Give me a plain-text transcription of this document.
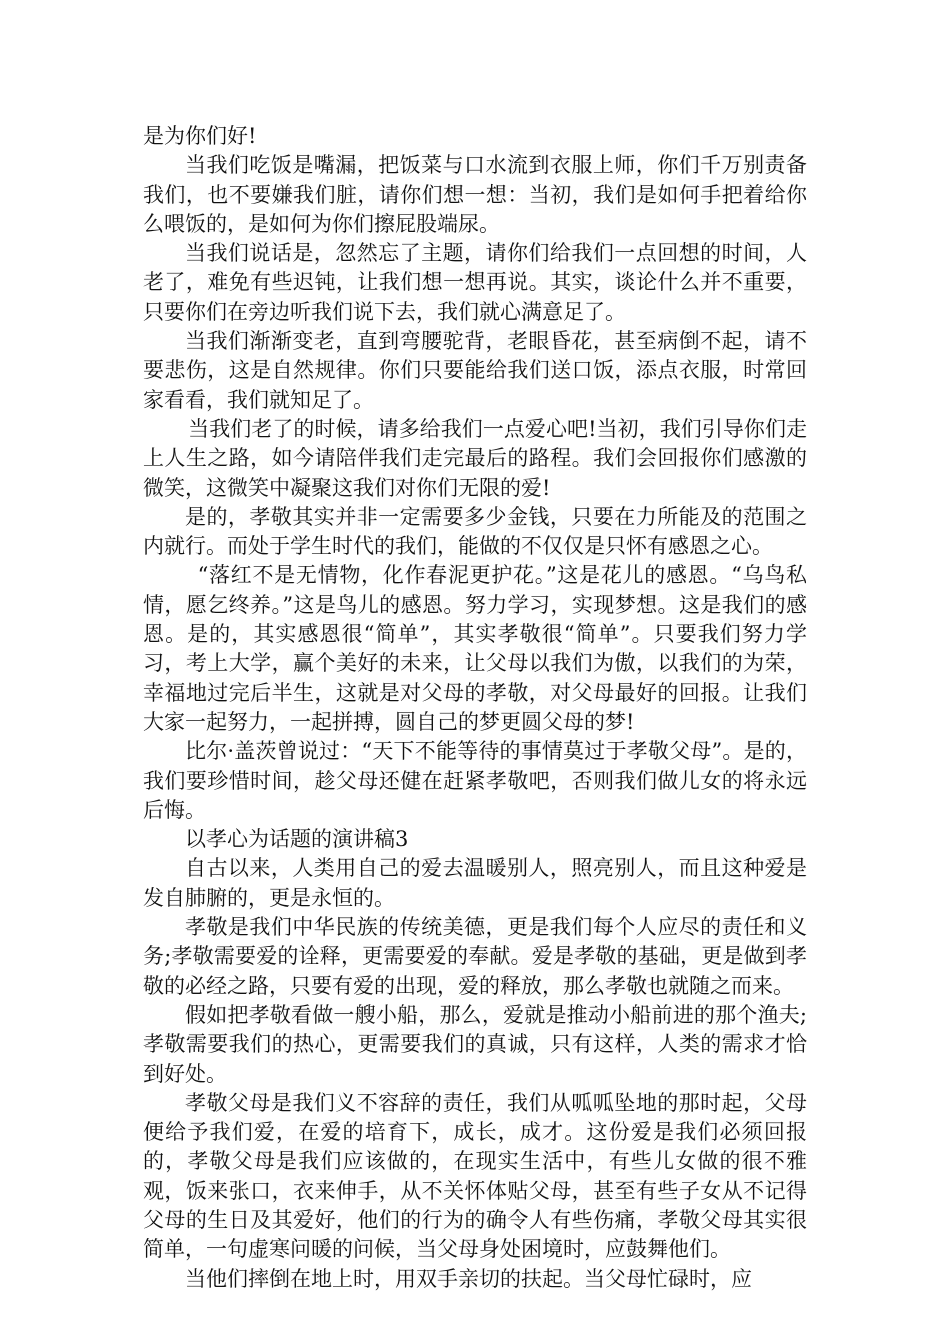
是为你们好!

当我们吃饭是嘴漏，把饭菜与口水流到衣服上师，你们千万别责备我们，也不要嫌我们脏，请你们想一想：当初，我们是如何手把着给你么喂饭的，是如何为你们擦屁股端尿。

当我们说话是，忽然忘了主题，请你们给我们一点回想的时间，人老了，难免有些迟钝，让我们想一想再说。其实，谈论什么并不重要，只要你们在旁边听我们说下去，我们就心满意足了。

当我们渐渐变老，直到弯腰驼背，老眼昏花，甚至病倒不起，请不要悲伤，这是自然规律。你们只要能给我们送口饭，添点衣服，时常回家看看，我们就知足了。

当我们老了的时候，请多给我们一点爱心吧!当初，我们引导你们走上人生之路，如今请陪伴我们走完最后的路程。我们会回报你们感激的微笑，这微笑中凝聚这我们对你们无限的爱!

是的，孝敬其实并非一定需要多少金钱，只要在力所能及的范围之内就行。而处于学生时代的我们，能做的不仅仅是只怀有感恩之心。

“落红不是无情物，化作春泥更护花。”这是花儿的感恩。“乌鸟私情，愿乞终养。”这是鸟儿的感恩。努力学习，实现梦想。这是我们的感恩。是的，其实感恩很“简单”，其实孝敬很“简单”。只要我们努力学习，考上大学，赢个美好的未来，让父母以我们为傲，以我们的为荣，幸福地过完后半生，这就是对父母的孝敬，对父母最好的回报。让我们大家一起努力，一起拼搏，圆自己的梦更圆父母的梦!

比尔·盖茨曾说过：“天下不能等待的事情莫过于孝敬父母”。是的，我们要珍惜时间，趁父母还健在赶紧孝敬吧，否则我们做儿女的将永远后悔。

以孝心为话题的演讲稿3

自古以来，人类用自己的爱去温暖别人，照亮别人，而且这种爱是发自肺腑的，更是永恒的。

孝敬是我们中华民族的传统美德，更是我们每个人应尽的责任和义务;孝敬需要爱的诠释，更需要爱的奉献。爱是孝敬的基础，更是做到孝敬的必经之路，只要有爱的出现，爱的释放，那么孝敬也就随之而来。

假如把孝敬看做一艘小船，那么，爱就是推动小船前进的那个渔夫;孝敬需要我们的热心，更需要我们的真诚，只有这样，人类的需求才恰到好处。

孝敬父母是我们义不容辞的责任，我们从呱呱坠地的那时起，父母便给予我们爱，在爱的培育下，成长，成才。这份爱是我们必须回报的，孝敬父母是我们应该做的，在现实生活中，有些儿女做的很不雅观，饭来张口，衣来伸手，从不关怀体贴父母，甚至有些子女从不记得父母的生日及其爱好，他们的行为的确令人有些伤痛，孝敬父母其实很简单，一句虚寒问暖的问候，当父母身处困境时，应鼓舞他们。

当他们摔倒在地上时，用双手亲切的扶起。当父母忙碌时，应
